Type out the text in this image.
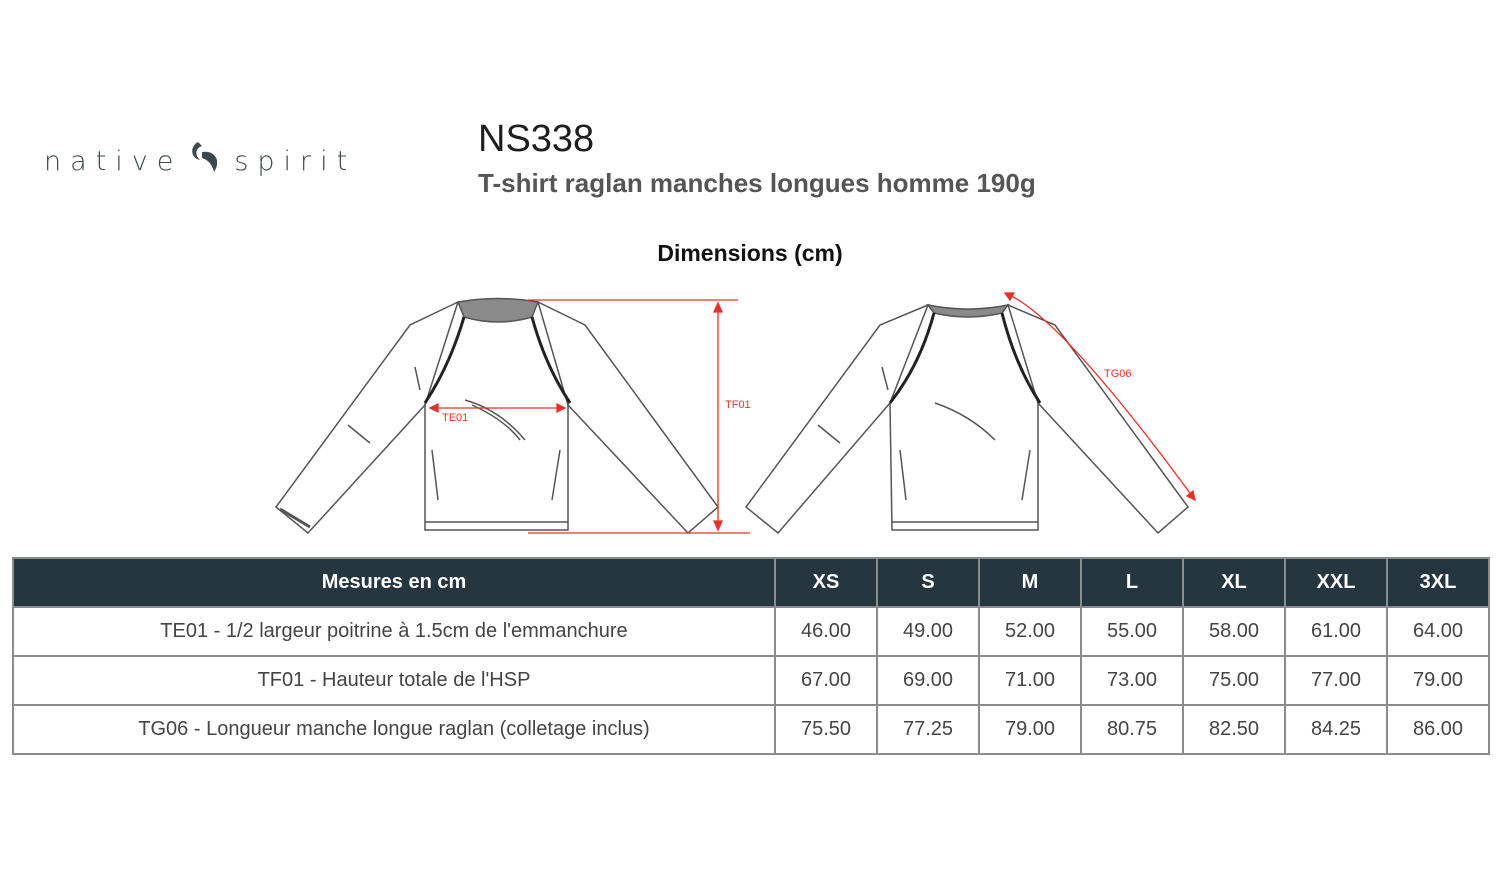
native spirit
NS338
T-shirt raglan manches longues homme 190g
Dimensions (cm)
TE01
TF01
TG06
Mesures en cm	XS	S	M	L	XL	XXL	3XL
TE01 - 1/2 largeur poitrine à 1.5cm de l'emmanchure	46.00	49.00	52.00	55.00	58.00	61.00	64.00
TF01 - Hauteur totale de l'HSP	67.00	69.00	71.00	73.00	75.00	77.00	79.00
TG06 - Longueur manche longue raglan (colletage inclus)	75.50	77.25	79.00	80.75	82.50	84.25	86.00
